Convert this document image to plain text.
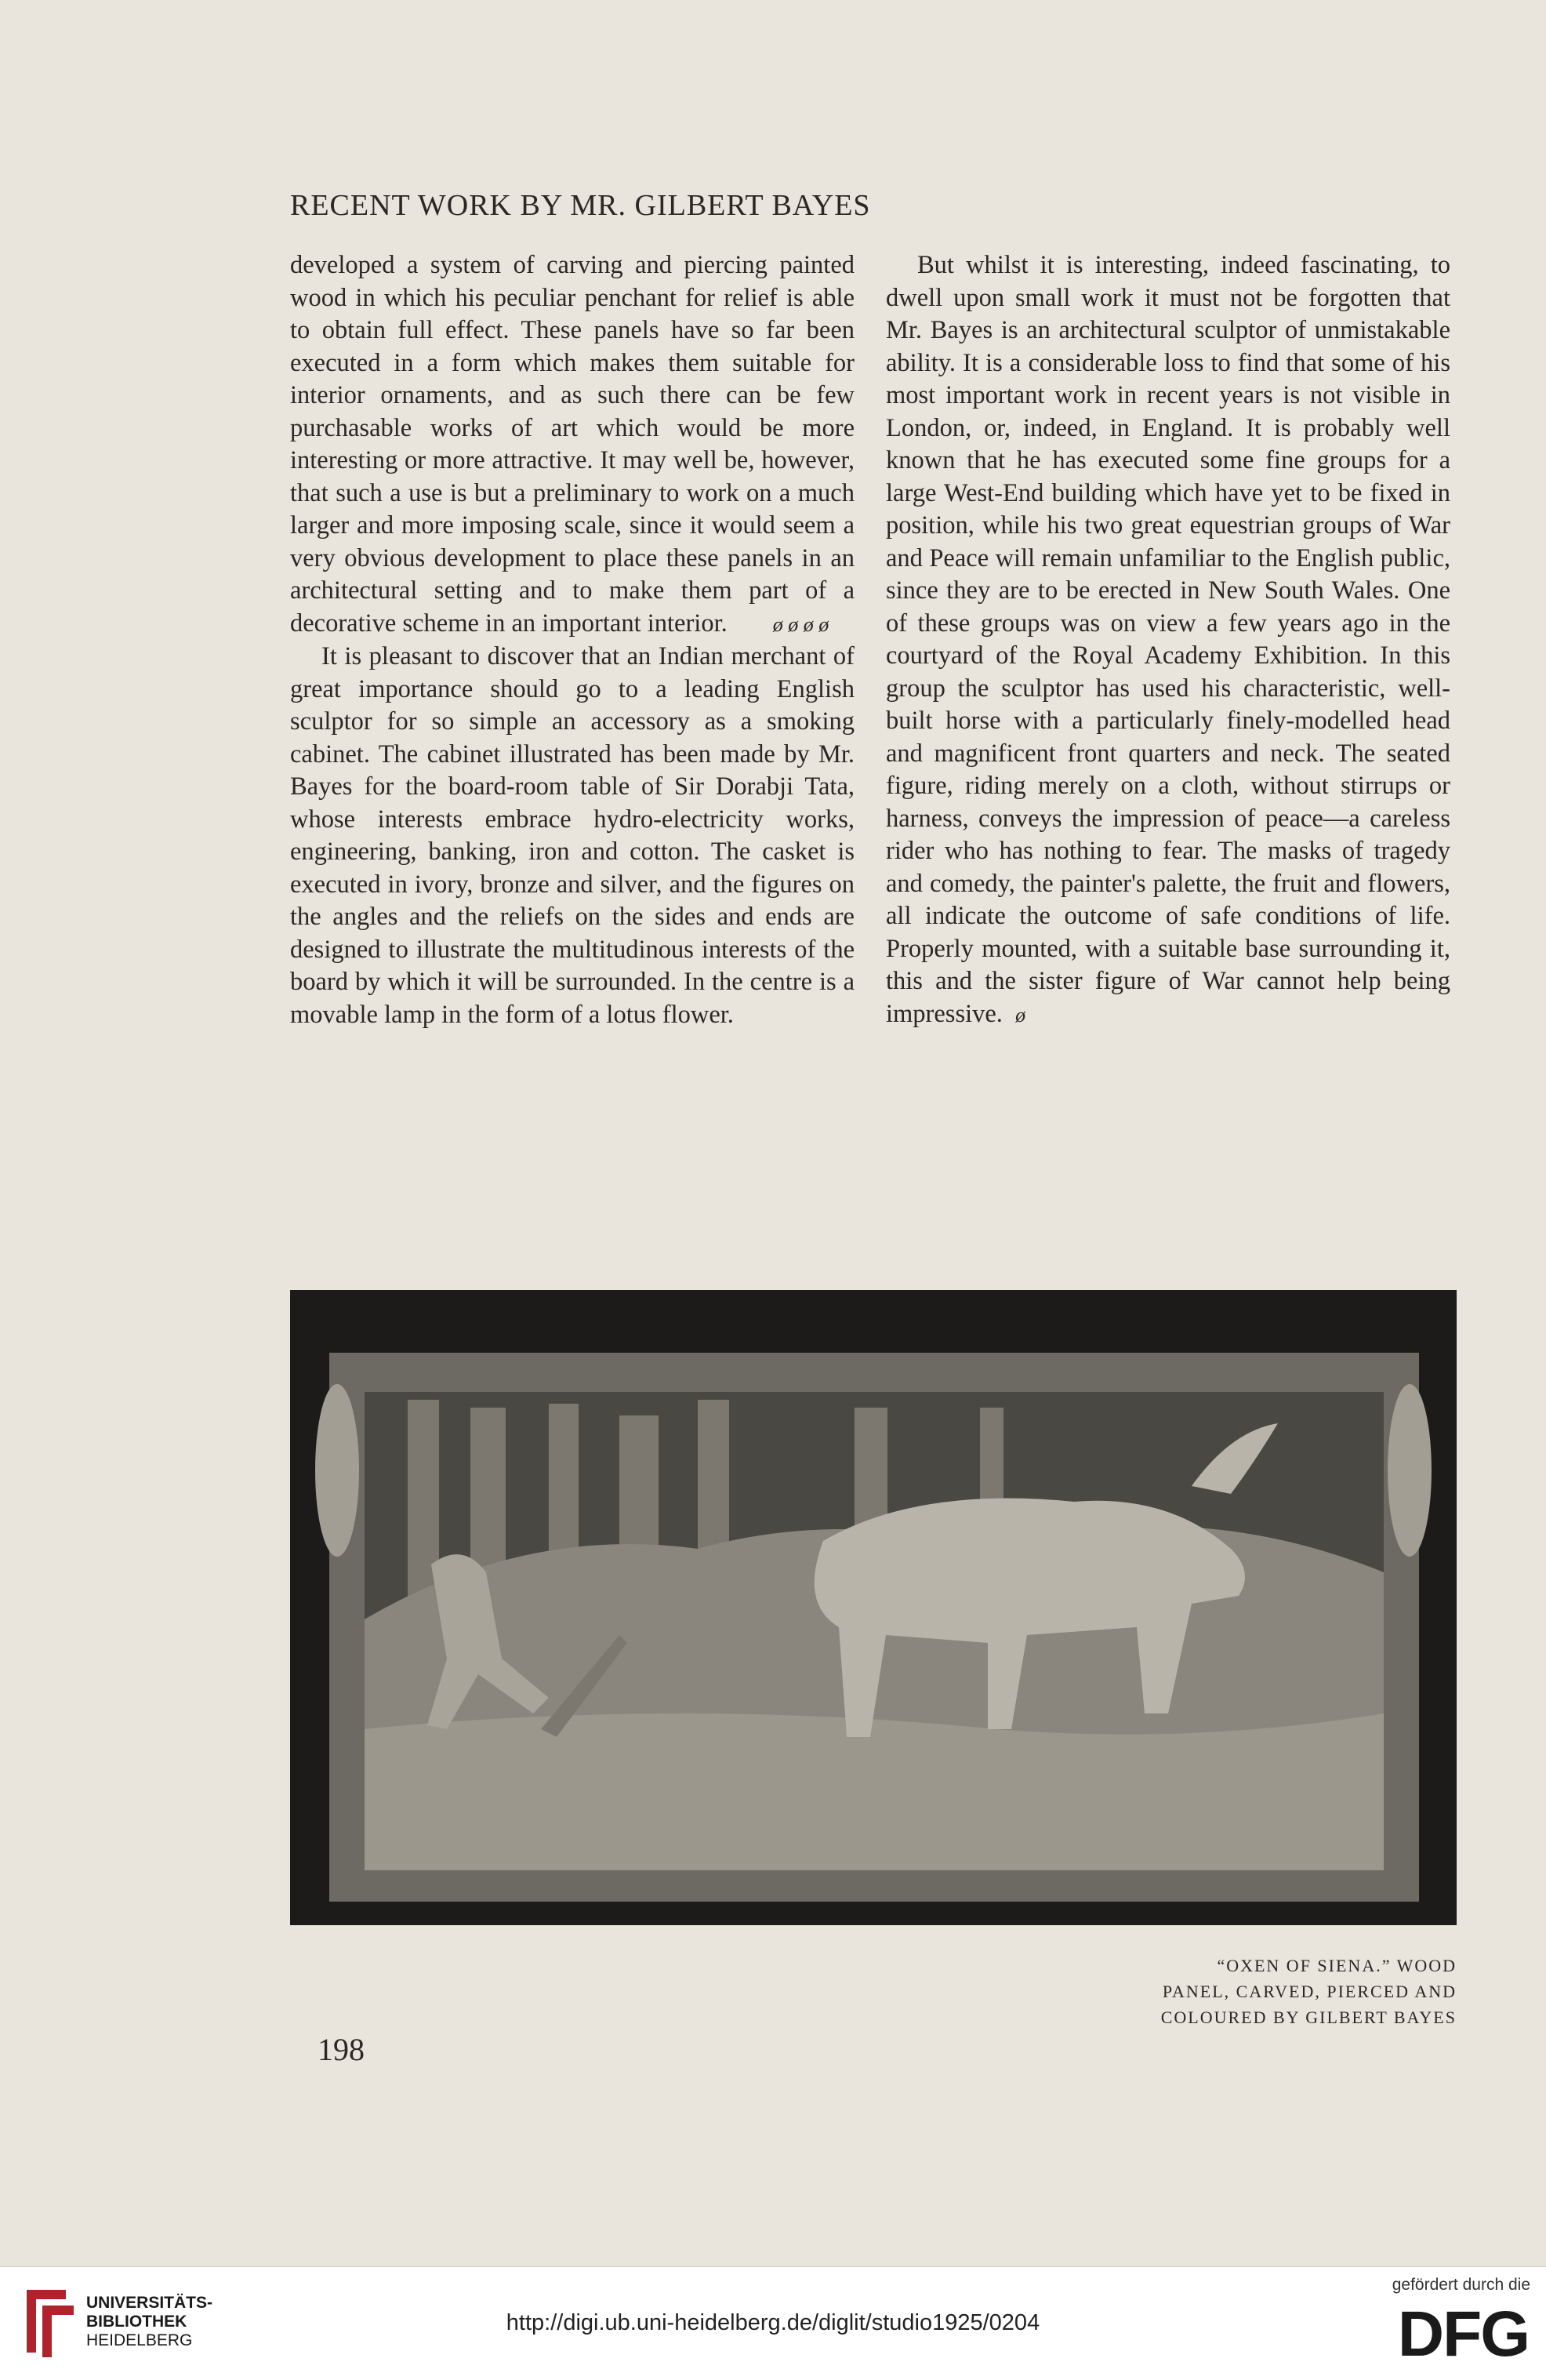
RECENT WORK BY MR. GILBERT BAYES

developed a system of carving and piercing painted wood in which his peculiar penchant for relief is able to obtain full effect. These panels have so far been executed in a form which makes them suitable for interior ornaments, and as such there can be few purchasable works of art which would be more interesting or more attractive. It may well be, however, that such a use is but a preliminary to work on a much larger and more imposing scale, since it would seem a very obvious development to place these panels in an architectural setting and to make them part of a decorative scheme in an important interior. ø ø ø ø

It is pleasant to discover that an Indian merchant of great importance should go to a leading English sculptor for so simple an accessory as a smoking cabinet. The cabinet illustrated has been made by Mr. Bayes for the board-room table of Sir Dorabji Tata, whose interests embrace hydro-electricity works, engineering, banking, iron and cotton. The casket is executed in ivory, bronze and silver, and the figures on the angles and the reliefs on the sides and ends are designed to illustrate the multitudinous interests of the board by which it will be surrounded. In the centre is a movable lamp in the form of a lotus flower.

But whilst it is interesting, indeed fascinating, to dwell upon small work it must not be forgotten that Mr. Bayes is an architectural sculptor of unmistakable ability. It is a considerable loss to find that some of his most important work in recent years is not visible in London, or, indeed, in England. It is probably well known that he has executed some fine groups for a large West-End building which have yet to be fixed in position, while his two great equestrian groups of War and Peace will remain unfamiliar to the English public, since they are to be erected in New South Wales. One of these groups was on view a few years ago in the courtyard of the Royal Academy Exhibition. In this group the sculptor has used his characteristic, well-built horse with a particularly finely-modelled head and magnificent front quarters and neck. The seated figure, riding merely on a cloth, without stirrups or harness, conveys the impression of peace—a careless rider who has nothing to fear. The masks of tragedy and comedy, the painter's palette, the fruit and flowers, all indicate the outcome of safe conditions of life. Properly mounted, with a suitable base surrounding it, this and the sister figure of War cannot help being impressive. ø

“OXEN OF SIENA.” WOOD
PANEL, CARVED, PIERCED AND
COLOURED BY GILBERT BAYES
198
UNIVERSITÄTS-
BIBLIOTHEK
HEIDELBERG
http://digi.ub.uni-heidelberg.de/diglit/studio1925/0204
gefördert durch die
DFG
